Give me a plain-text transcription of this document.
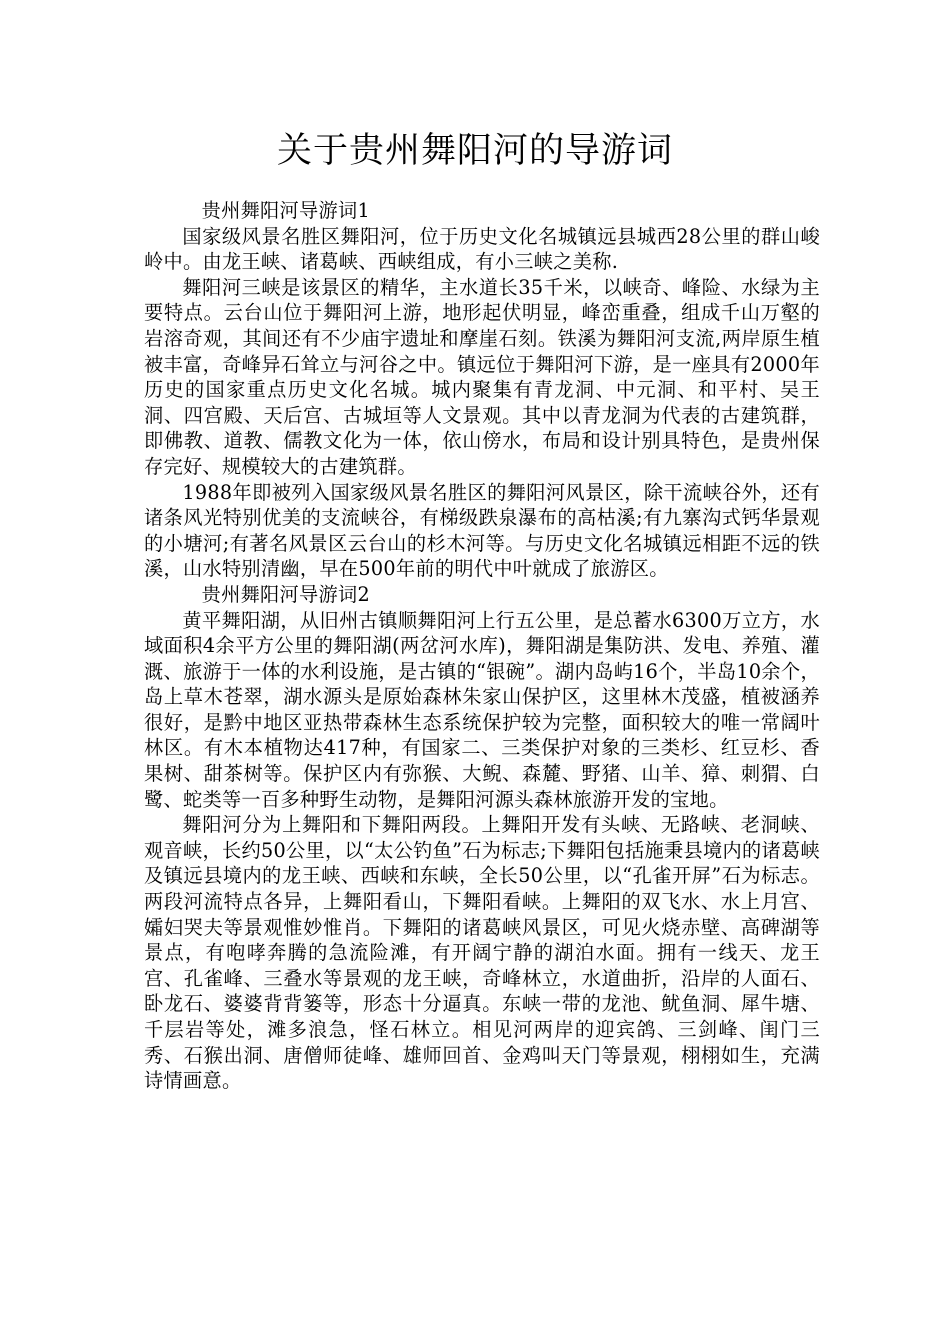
关于贵州舞阳河的导游词

贵州舞阳河导游词1

国家级风景名胜区舞阳河，位于历史文化名城镇远县城西28公里的群山峻岭中。由龙王峡、诸葛峡、西峡组成，有小三峡之美称.

舞阳河三峡是该景区的精华，主水道长35千米，以峡奇、峰险、水绿为主要特点。云台山位于舞阳河上游，地形起伏明显，峰峦重叠，组成千山万壑的岩溶奇观，其间还有不少庙宇遗址和摩崖石刻。铁溪为舞阳河支流,两岸原生植被丰富，奇峰异石耸立与河谷之中。镇远位于舞阳河下游，是一座具有2000年历史的国家重点历史文化名城。城内聚集有青龙洞、中元洞、和平村、吴王洞、四宫殿、天后宫、古城垣等人文景观。其中以青龙洞为代表的古建筑群，即佛教、道教、儒教文化为一体，依山傍水，布局和设计别具特色，是贵州保存完好、规模较大的古建筑群。

1988年即被列入国家级风景名胜区的舞阳河风景区，除干流峡谷外，还有诸条风光特别优美的支流峡谷，有梯级跌泉瀑布的高枯溪;有九寨沟式钙华景观的小塘河;有著名风景区云台山的杉木河等。与历史文化名城镇远相距不远的铁溪，山水特别清幽，早在500年前的明代中叶就成了旅游区。

贵州舞阳河导游词2

黄平舞阳湖，从旧州古镇顺舞阳河上行五公里，是总蓄水6300万立方，水域面积4余平方公里的舞阳湖(两岔河水库)，舞阳湖是集防洪、发电、养殖、灌溉、旅游于一体的水利设施，是古镇的“银碗”。湖内岛屿16个，半岛10余个，岛上草木苍翠，湖水源头是原始森林朱家山保护区，这里林木茂盛，植被涵养很好，是黔中地区亚热带森林生态系统保护较为完整，面积较大的唯一常阔叶林区。有木本植物达417种，有国家二、三类保护对象的三类杉、红豆杉、香果树、甜茶树等。保护区内有弥猴、大鲵、森麓、野猪、山羊、獐、刺猬、白鹭、蛇类等一百多种野生动物，是舞阳河源头森林旅游开发的宝地。

舞阳河分为上舞阳和下舞阳两段。上舞阳开发有头峡、无路峡、老洞峡、观音峡，长约50公里，以“太公钓鱼”石为标志;下舞阳包括施秉县境内的诸葛峡及镇远县境内的龙王峡、西峡和东峡，全长50公里，以“孔雀开屏”石为标志。两段河流特点各异，上舞阳看山，下舞阳看峡。上舞阳的双飞水、水上月宫、孀妇哭夫等景观惟妙惟肖。下舞阳的诸葛峡风景区，可见火烧赤壁、高碑湖等景点，有咆哮奔腾的急流险滩，有开阔宁静的湖泊水面。拥有一线天、龙王宫、孔雀峰、三叠水等景观的龙王峡，奇峰林立，水道曲折，沿岸的人面石、卧龙石、婆婆背背篓等，形态十分逼真。东峡一带的龙池、鱿鱼洞、犀牛塘、千层岩等处，滩多浪急，怪石林立。相见河两岸的迎宾鸽、三剑峰、闺门三秀、石猴出洞、唐僧师徒峰、雄师回首、金鸡叫天门等景观，栩栩如生，充满诗情画意。
